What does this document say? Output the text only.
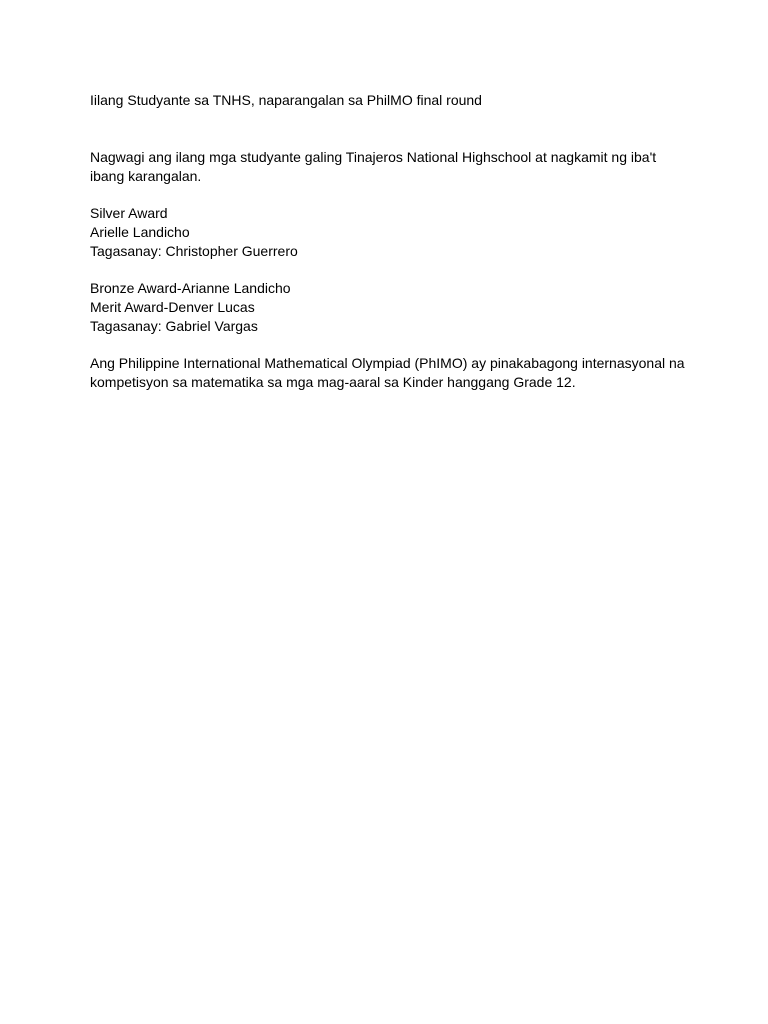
Iilang Studyante sa TNHS, naparangalan sa PhilMO final round
Nagwagi ang ilang mga studyante galing Tinajeros National Highschool at nagkamit ng iba't
ibang karangalan.
Silver Award
Arielle Landicho
Tagasanay: Christopher Guerrero
Bronze Award-Arianne Landicho
Merit Award-Denver Lucas
Tagasanay: Gabriel Vargas
Ang Philippine International Mathematical Olympiad (PhIMO) ay pinakabagong internasyonal na
kompetisyon sa matematika sa mga mag-aaral sa Kinder hanggang Grade 12.
